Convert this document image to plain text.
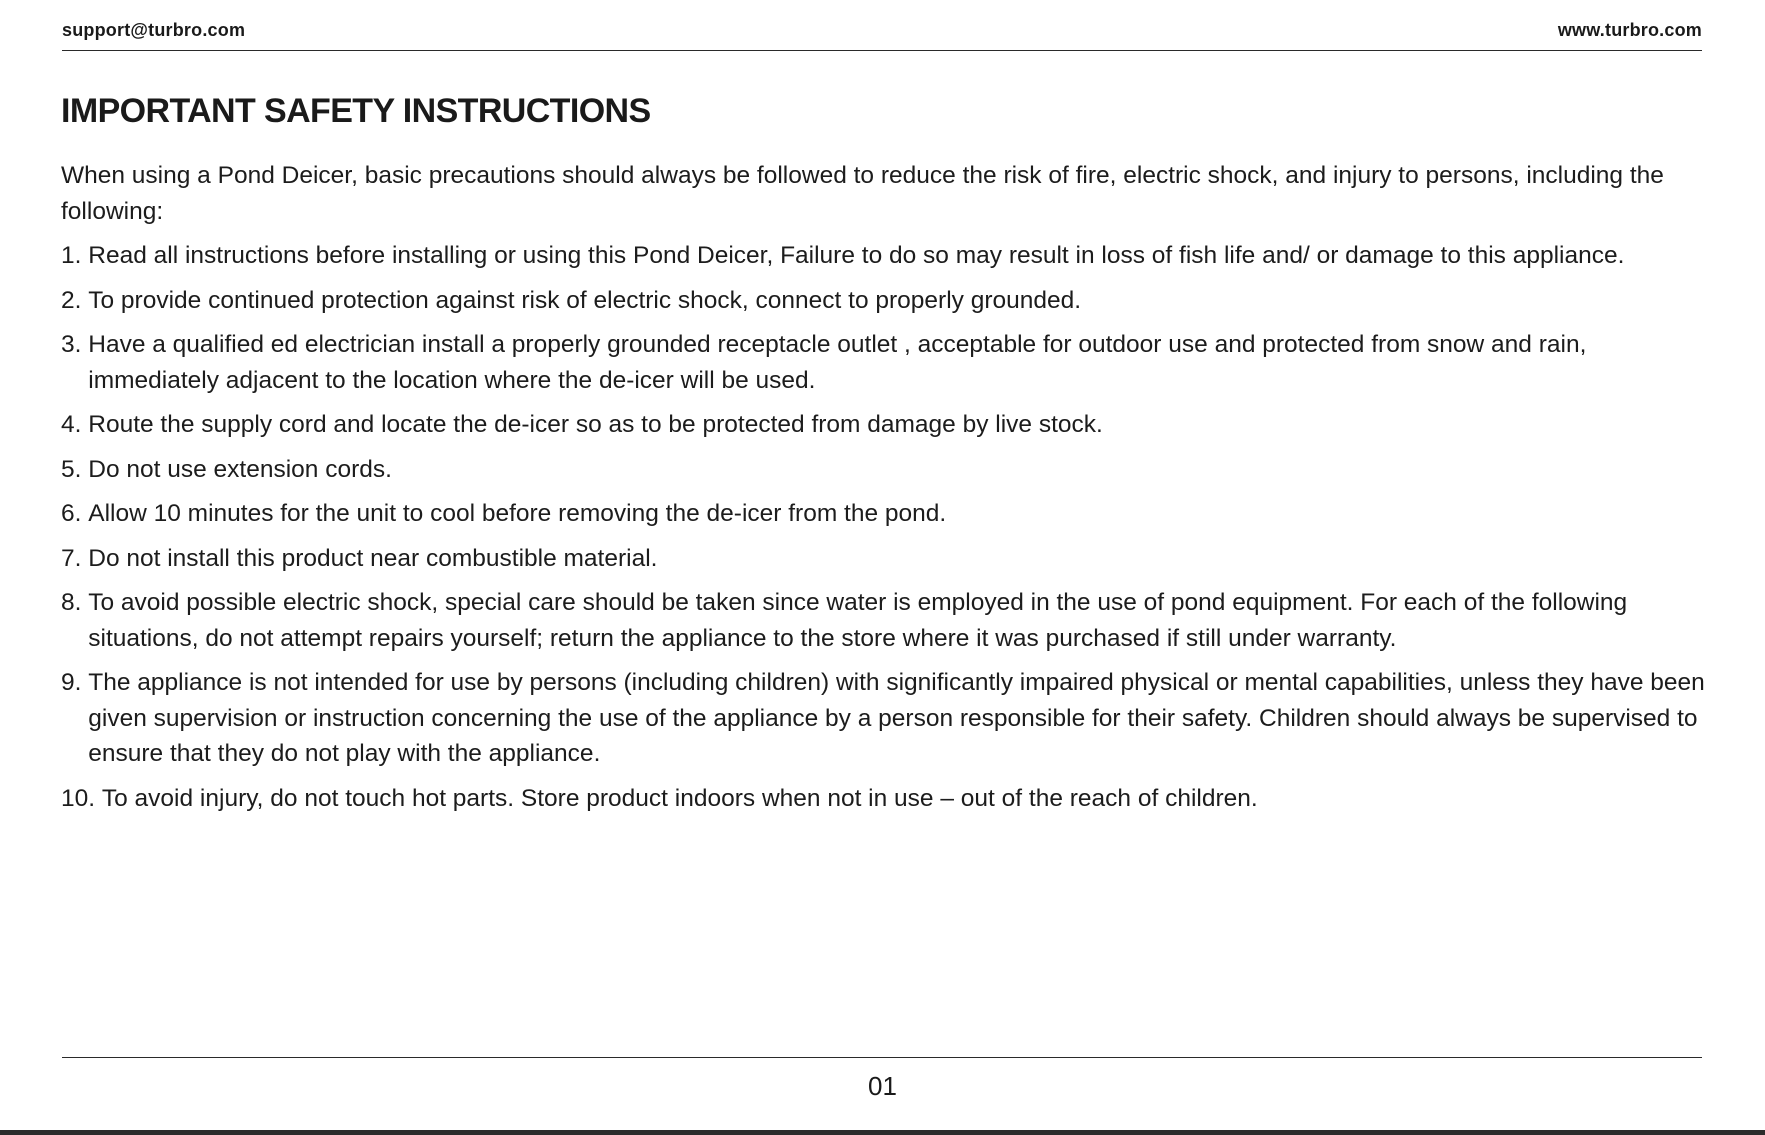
support@turbro.com	www.turbro.com
IMPORTANT SAFETY INSTRUCTIONS

When using a Pond Deicer, basic precautions should always be followed to reduce the risk of fire, electric shock, and injury to persons, including the following:

1. Read all instructions before installing or using this Pond Deicer, Failure to do so may result in loss of fish life and/ or damage to this appliance.
2. To provide continued protection against risk of electric shock, connect to properly grounded.
3. Have a qualified ed electrician install a properly grounded receptacle outlet , acceptable for outdoor use and protected from snow and rain, immediately adjacent to the location where the de-icer will be used.
4. Route the supply cord and locate the de-icer so as to be protected from damage by live stock.
5. Do not use extension cords.
6. Allow 10 minutes for the unit to cool before removing the de-icer from the pond.
7. Do not install this product near combustible material.
8. To avoid possible electric shock, special care should be taken since water is employed in the use of pond equipment. For each of the following situations, do not attempt repairs yourself; return the appliance to the store where it was purchased if still under warranty.
9. The appliance is not intended for use by persons (including children) with significantly impaired physical or mental capabilities, unless they have been given supervision or instruction concerning the use of the appliance by a person responsible for their safety. Children should always be supervised to ensure that they do not play with the appliance.
10. To avoid injury, do not touch hot parts. Store product indoors when not in use – out of the reach of children.
01
